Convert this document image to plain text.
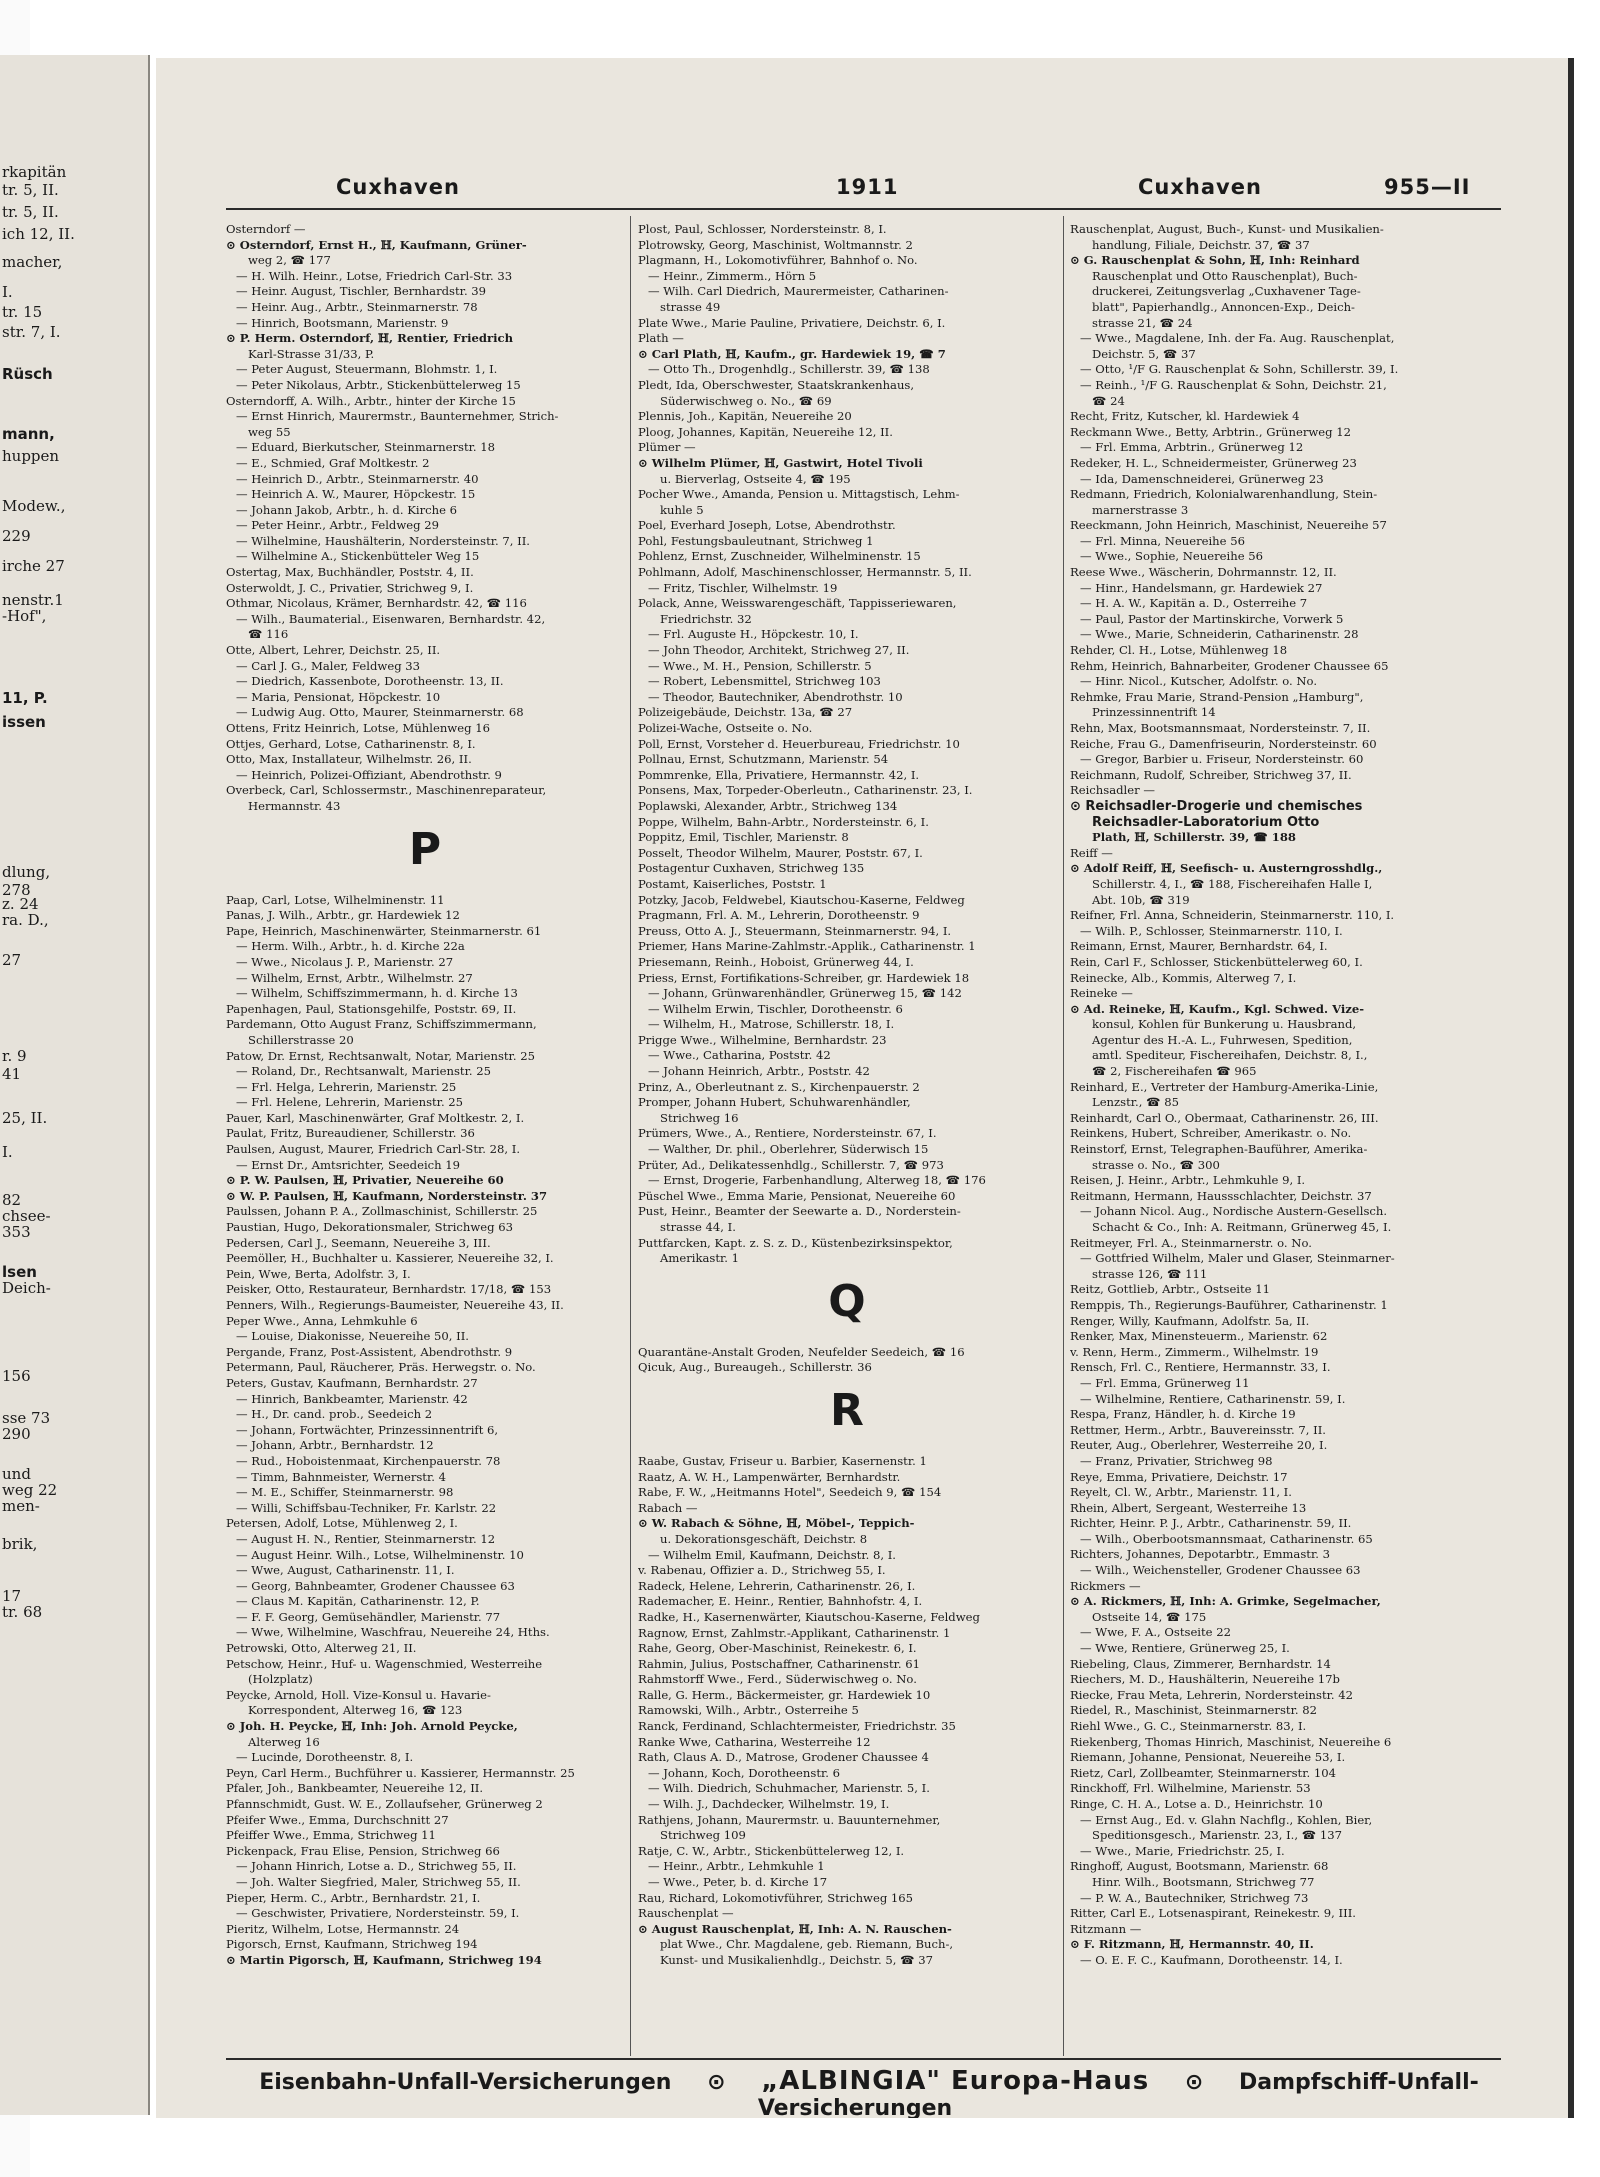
rkapitän
tr. 5, II.
tr. 5, II.
ich 12, II.
macher,
I.
tr. 15
str. 7, I.
Rüsch
mann,
huppen
Modew.,
229
irche 27
nenstr.1
-Hof",
11, P.
issen
dlung,
278
z. 24
ra. D.,
27
r. 9
41
25, II.
I.
82
chsee-
353
lsen
Deich-
156
sse 73
290
und
weg 22
men-
brik,
17
tr. 68
Cuxhaven	1911	Cuxhaven	955—II
Osterndorf —
⊙ Osterndorf, Ernst H., ℍ, Kaufmann, Grüner-
weg 2, ☎ 177
— H. Wilh. Heinr., Lotse, Friedrich Carl-Str. 33
— Heinr. August, Tischler, Bernhardstr. 39
— Heinr. Aug., Arbtr., Steinmarnerstr. 78
— Hinrich, Bootsmann, Marienstr. 9
⊙ P. Herm. Osterndorf, ℍ, Rentier, Friedrich
Karl-Strasse 31/33, P.
— Peter August, Steuermann, Blohmstr. 1, I.
— Peter Nikolaus, Arbtr., Stickenbüttelerweg 15
Osterndorff, A. Wilh., Arbtr., hinter der Kirche 15
— Ernst Hinrich, Maurermstr., Baunternehmer, Strich-
weg 55
— Eduard, Bierkutscher, Steinmarnerstr. 18
— E., Schmied, Graf Moltkestr. 2
— Heinrich D., Arbtr., Steinmarnerstr. 40
— Heinrich A. W., Maurer, Höpckestr. 15
— Johann Jakob, Arbtr., h. d. Kirche 6
— Peter Heinr., Arbtr., Feldweg 29
— Wilhelmine, Haushälterin, Nordersteinstr. 7, II.
— Wilhelmine A., Stickenbütteler Weg 15
Ostertag, Max, Buchhändler, Poststr. 4, II.
Osterwoldt, J. C., Privatier, Strichweg 9, I.
Othmar, Nicolaus, Krämer, Bernhardstr. 42, ☎ 116
— Wilh., Baumaterial., Eisenwaren, Bernhardstr. 42,
☎ 116
Otte, Albert, Lehrer, Deichstr. 25, II.
— Carl J. G., Maler, Feldweg 33
— Diedrich, Kassenbote, Dorotheenstr. 13, II.
— Maria, Pensionat, Höpckestr. 10
— Ludwig Aug. Otto, Maurer, Steinmarnerstr. 68
Ottens, Fritz Heinrich, Lotse, Mühlenweg 16
Ottjes, Gerhard, Lotse, Catharinenstr. 8, I.
Otto, Max, Installateur, Wilhelmstr. 26, II.
— Heinrich, Polizei-Offiziant, Abendrothstr. 9
Overbeck, Carl, Schlossermstr., Maschinenreparateur,
Hermannstr. 43
P
Paap, Carl, Lotse, Wilhelminenstr. 11
Panas, J. Wilh., Arbtr., gr. Hardewiek 12
Pape, Heinrich, Maschinenwärter, Steinmarnerstr. 61
— Herm. Wilh., Arbtr., h. d. Kirche 22a
— Wwe., Nicolaus J. P., Marienstr. 27
— Wilhelm, Ernst, Arbtr., Wilhelmstr. 27
— Wilhelm, Schiffszimmermann, h. d. Kirche 13
Papenhagen, Paul, Stationsgehilfe, Poststr. 69, II.
Pardemann, Otto August Franz, Schiffszimmermann,
Schillerstrasse 20
Patow, Dr. Ernst, Rechtsanwalt, Notar, Marienstr. 25
— Roland, Dr., Rechtsanwalt, Marienstr. 25
— Frl. Helga, Lehrerin, Marienstr. 25
— Frl. Helene, Lehrerin, Marienstr. 25
Pauer, Karl, Maschinenwärter, Graf Moltkestr. 2, I.
Paulat, Fritz, Bureaudiener, Schillerstr. 36
Paulsen, August, Maurer, Friedrich Carl-Str. 28, I.
— Ernst Dr., Amtsrichter, Seedeich 19
⊙ P. W. Paulsen, ℍ, Privatier, Neuereihe 60
⊙ W. P. Paulsen, ℍ, Kaufmann, Nordersteinstr. 37
Paulssen, Johann P. A., Zollmaschinist, Schillerstr. 25
Paustian, Hugo, Dekorationsmaler, Strichweg 63
Pedersen, Carl J., Seemann, Neuereihe 3, III.
Peemöller, H., Buchhalter u. Kassierer, Neuereihe 32, I.
Pein, Wwe, Berta, Adolfstr. 3, I.
Peisker, Otto, Restaurateur, Bernhardstr. 17/18, ☎ 153
Penners, Wilh., Regierungs-Baumeister, Neuereihe 43, II.
Peper Wwe., Anna, Lehmkuhle 6
— Louise, Diakonisse, Neuereihe 50, II.
Pergande, Franz, Post-Assistent, Abendrothstr. 9
Petermann, Paul, Räucherer, Präs. Herwegstr. o. No.
Peters, Gustav, Kaufmann, Bernhardstr. 27
— Hinrich, Bankbeamter, Marienstr. 42
— H., Dr. cand. prob., Seedeich 2
— Johann, Fortwächter, Prinzessinnentrift 6,
— Johann, Arbtr., Bernhardstr. 12
— Rud., Hoboistenmaat, Kirchenpauerstr. 78
— Timm, Bahnmeister, Wernerstr. 4
— M. E., Schiffer, Steinmarnerstr. 98
— Willi, Schiffsbau-Techniker, Fr. Karlstr. 22
Petersen, Adolf, Lotse, Mühlenweg 2, I.
— August H. N., Rentier, Steinmarnerstr. 12
— August Heinr. Wilh., Lotse, Wilhelminenstr. 10
— Wwe, August, Catharinenstr. 11, I.
— Georg, Bahnbeamter, Grodener Chaussee 63
— Claus M. Kapitän, Catharinenstr. 12, P.
— F. F. Georg, Gemüsehändler, Marienstr. 77
— Wwe, Wilhelmine, Waschfrau, Neuereihe 24, Hths.
Petrowski, Otto, Alterweg 21, II.
Petschow, Heinr., Huf- u. Wagenschmied, Westerreihe
(Holzplatz)
Peycke, Arnold, Holl. Vize-Konsul u. Havarie-
Korrespondent, Alterweg 16, ☎ 123
⊙ Joh. H. Peycke, ℍ, Inh: Joh. Arnold Peycke,
Alterweg 16
— Lucinde, Dorotheenstr. 8, I.
Peyn, Carl Herm., Buchführer u. Kassierer, Hermannstr. 25
Pfaler, Joh., Bankbeamter, Neuereihe 12, II.
Pfannschmidt, Gust. W. E., Zollaufseher, Grünerweg 2
Pfeifer Wwe., Emma, Durchschnitt 27
Pfeiffer Wwe., Emma, Strichweg 11
Pickenpack, Frau Elise, Pension, Strichweg 66
— Johann Hinrich, Lotse a. D., Strichweg 55, II.
— Joh. Walter Siegfried, Maler, Strichweg 55, II.
Pieper, Herm. C., Arbtr., Bernhardstr. 21, I.
— Geschwister, Privatiere, Nordersteinstr. 59, I.
Pieritz, Wilhelm, Lotse, Hermannstr. 24
Pigorsch, Ernst, Kaufmann, Strichweg 194
⊙ Martin Pigorsch, ℍ, Kaufmann, Strichweg 194
Plost, Paul, Schlosser, Nordersteinstr. 8, I.
Plotrowsky, Georg, Maschinist, Woltmannstr. 2
Plagmann, H., Lokomotivführer, Bahnhof o. No.
— Heinr., Zimmerm., Hörn 5
— Wilh. Carl Diedrich, Maurermeister, Catharinen-
strasse 49
Plate Wwe., Marie Pauline, Privatiere, Deichstr. 6, I.
Plath —
⊙ Carl Plath, ℍ, Kaufm., gr. Hardewiek 19, ☎ 7
— Otto Th., Drogenhdlg., Schillerstr. 39, ☎ 138
Pledt, Ida, Oberschwester, Staatskrankenhaus,
Süderwischweg o. No., ☎ 69
Plennis, Joh., Kapitän, Neuereihe 20
Ploog, Johannes, Kapitän, Neuereihe 12, II.
Plümer —
⊙ Wilhelm Plümer, ℍ, Gastwirt, Hotel Tivoli
u. Bierverlag, Ostseite 4, ☎ 195
Pocher Wwe., Amanda, Pension u. Mittagstisch, Lehm-
kuhle 5
Poel, Everhard Joseph, Lotse, Abendrothstr.
Pohl, Festungsbauleutnant, Strichweg 1
Pohlenz, Ernst, Zuschneider, Wilhelminenstr. 15
Pohlmann, Adolf, Maschinenschlosser, Hermannstr. 5, II.
— Fritz, Tischler, Wilhelmstr. 19
Polack, Anne, Weisswarengeschäft, Tappisseriewaren,
Friedrichstr. 32
— Frl. Auguste H., Höpckestr. 10, I.
— John Theodor, Architekt, Strichweg 27, II.
— Wwe., M. H., Pension, Schillerstr. 5
— Robert, Lebensmittel, Strichweg 103
— Theodor, Bautechniker, Abendrothstr. 10
Polizeigebäude, Deichstr. 13a, ☎ 27
Polizei-Wache, Ostseite o. No.
Poll, Ernst, Vorsteher d. Heuerbureau, Friedrichstr. 10
Pollnau, Ernst, Schutzmann, Marienstr. 54
Pommrenke, Ella, Privatiere, Hermannstr. 42, I.
Ponsens, Max, Torpeder-Oberleutn., Catharinenstr. 23, I.
Poplawski, Alexander, Arbtr., Strichweg 134
Poppe, Wilhelm, Bahn-Arbtr., Nordersteinstr. 6, I.
Poppitz, Emil, Tischler, Marienstr. 8
Posselt, Theodor Wilhelm, Maurer, Poststr. 67, I.
Postagentur Cuxhaven, Strichweg 135
Postamt, Kaiserliches, Poststr. 1
Potzky, Jacob, Feldwebel, Kiautschou-Kaserne, Feldweg
Pragmann, Frl. A. M., Lehrerin, Dorotheenstr. 9
Preuss, Otto A. J., Steuermann, Steinmarnerstr. 94, I.
Priemer, Hans Marine-Zahlmstr.-Applik., Catharinenstr. 1
Priesemann, Reinh., Hoboist, Grünerweg 44, I.
Priess, Ernst, Fortifikations-Schreiber, gr. Hardewiek 18
— Johann, Grünwarenhändler, Grünerweg 15, ☎ 142
— Wilhelm Erwin, Tischler, Dorotheenstr. 6
— Wilhelm, H., Matrose, Schillerstr. 18, I.
Prigge Wwe., Wilhelmine, Bernhardstr. 23
— Wwe., Catharina, Poststr. 42
— Johann Heinrich, Arbtr., Poststr. 42
Prinz, A., Oberleutnant z. S., Kirchenpauerstr. 2
Promper, Johann Hubert, Schuhwarenhändler,
Strichweg 16
Prümers, Wwe., A., Rentiere, Nordersteinstr. 67, I.
— Walther, Dr. phil., Oberlehrer, Süderwisch 15
Prüter, Ad., Delikatessenhdlg., Schillerstr. 7, ☎ 973
— Ernst, Drogerie, Farbenhandlung, Alterweg 18, ☎ 176
Püschel Wwe., Emma Marie, Pensionat, Neuereihe 60
Pust, Heinr., Beamter der Seewarte a. D., Norderstein-
strasse 44, I.
Puttfarcken, Kapt. z. S. z. D., Küstenbezirksinspektor,
Amerikastr. 1
Q
Quarantäne-Anstalt Groden, Neufelder Seedeich, ☎ 16
Qicuk, Aug., Bureaugeh., Schillerstr. 36
R
Raabe, Gustav, Friseur u. Barbier, Kasernenstr. 1
Raatz, A. W. H., Lampenwärter, Bernhardstr.
Rabe, F. W., „Heitmanns Hotel", Seedeich 9, ☎ 154
Rabach —
⊙ W. Rabach & Söhne, ℍ, Möbel-, Teppich-
u. Dekorationsgeschäft, Deichstr. 8
— Wilhelm Emil, Kaufmann, Deichstr. 8, I.
v. Rabenau, Offizier a. D., Strichweg 55, I.
Radeck, Helene, Lehrerin, Catharinenstr. 26, I.
Rademacher, E. Heinr., Rentier, Bahnhofstr. 4, I.
Radke, H., Kasernenwärter, Kiautschou-Kaserne, Feldweg
Ragnow, Ernst, Zahlmstr.-Applikant, Catharinenstr. 1
Rahe, Georg, Ober-Maschinist, Reinekestr. 6, I.
Rahmin, Julius, Postschaffner, Catharinenstr. 61
Rahmstorff Wwe., Ferd., Süderwischweg o. No.
Ralle, G. Herm., Bäckermeister, gr. Hardewiek 10
Ramowski, Wilh., Arbtr., Osterreihe 5
Ranck, Ferdinand, Schlachtermeister, Friedrichstr. 35
Ranke Wwe, Catharina, Westerreihe 12
Rath, Claus A. D., Matrose, Grodener Chaussee 4
— Johann, Koch, Dorotheenstr. 6
— Wilh. Diedrich, Schuhmacher, Marienstr. 5, I.
— Wilh. J., Dachdecker, Wilhelmstr. 19, I.
Rathjens, Johann, Maurermstr. u. Bauunternehmer,
Strichweg 109
Ratje, C. W., Arbtr., Stickenbüttelerweg 12, I.
— Heinr., Arbtr., Lehmkuhle 1
— Wwe., Peter, b. d. Kirche 17
Rau, Richard, Lokomotivführer, Strichweg 165
Rauschenplat —
⊙ August Rauschenplat, ℍ, Inh: A. N. Rauschen-
plat Wwe., Chr. Magdalene, geb. Riemann, Buch-,
Kunst- und Musikalienhdlg., Deichstr. 5, ☎ 37
Rauschenplat, August, Buch-, Kunst- und Musikalien-
handlung, Filiale, Deichstr. 37, ☎ 37
⊙ G. Rauschenplat & Sohn, ℍ, Inh: Reinhard
Rauschenplat und Otto Rauschenplat), Buch-
druckerei, Zeitungsverlag „Cuxhavener Tage-
blatt", Papierhandlg., Annoncen-Exp., Deich-
strasse 21, ☎ 24
— Wwe., Magdalene, Inh. der Fa. Aug. Rauschenplat,
Deichstr. 5, ☎ 37
— Otto, ¹/F G. Rauschenplat & Sohn, Schillerstr. 39, I.
— Reinh., ¹/F G. Rauschenplat & Sohn, Deichstr. 21,
☎ 24
Recht, Fritz, Kutscher, kl. Hardewiek 4
Reckmann Wwe., Betty, Arbtrin., Grünerweg 12
— Frl. Emma, Arbtrin., Grünerweg 12
Redeker, H. L., Schneidermeister, Grünerweg 23
— Ida, Damenschneiderei, Grünerweg 23
Redmann, Friedrich, Kolonialwarenhandlung, Stein-
marnerstrasse 3
Reeckmann, John Heinrich, Maschinist, Neuereihe 57
— Frl. Minna, Neuereihe 56
— Wwe., Sophie, Neuereihe 56
Reese Wwe., Wäscherin, Dohrmannstr. 12, II.
— Hinr., Handelsmann, gr. Hardewiek 27
— H. A. W., Kapitän a. D., Osterreihe 7
— Paul, Pastor der Martinskirche, Vorwerk 5
— Wwe., Marie, Schneiderin, Catharinenstr. 28
Rehder, Cl. H., Lotse, Mühlenweg 18
Rehm, Heinrich, Bahnarbeiter, Grodener Chaussee 65
— Hinr. Nicol., Kutscher, Adolfstr. o. No.
Rehmke, Frau Marie, Strand-Pension „Hamburg",
Prinzessinnentrift 14
Rehn, Max, Bootsmannsmaat, Nordersteinstr. 7, II.
Reiche, Frau G., Damenfriseurin, Nordersteinstr. 60
— Gregor, Barbier u. Friseur, Nordersteinstr. 60
Reichmann, Rudolf, Schreiber, Strichweg 37, II.
Reichsadler —
⊙ Reichsadler-Drogerie und chemisches
Reichsadler-Laboratorium Otto
Plath, ℍ, Schillerstr. 39, ☎ 188
Reiff —
⊙ Adolf Reiff, ℍ, Seefisch- u. Austerngrosshdlg.,
Schillerstr. 4, I., ☎ 188, Fischereihafen Halle I,
Abt. 10b, ☎ 319
Reifner, Frl. Anna, Schneiderin, Steinmarnerstr. 110, I.
— Wilh. P., Schlosser, Steinmarnerstr. 110, I.
Reimann, Ernst, Maurer, Bernhardstr. 64, I.
Rein, Carl F., Schlosser, Stickenbüttelerweg 60, I.
Reinecke, Alb., Kommis, Alterweg 7, I.
Reineke —
⊙ Ad. Reineke, ℍ, Kaufm., Kgl. Schwed. Vize-
konsul, Kohlen für Bunkerung u. Hausbrand,
Agentur des H.-A. L., Fuhrwesen, Spedition,
amtl. Spediteur, Fischereihafen, Deichstr. 8, I.,
☎ 2, Fischereihafen ☎ 965
Reinhard, E., Vertreter der Hamburg-Amerika-Linie,
Lenzstr., ☎ 85
Reinhardt, Carl O., Obermaat, Catharinenstr. 26, III.
Reinkens, Hubert, Schreiber, Amerikastr. o. No.
Reinstorf, Ernst, Telegraphen-Bauführer, Amerika-
strasse o. No., ☎ 300
Reisen, J. Heinr., Arbtr., Lehmkuhle 9, I.
Reitmann, Hermann, Haussschlachter, Deichstr. 37
— Johann Nicol. Aug., Nordische Austern-Gesellsch.
Schacht & Co., Inh: A. Reitmann, Grünerweg 45, I.
Reitmeyer, Frl. A., Steinmarnerstr. o. No.
— Gottfried Wilhelm, Maler und Glaser, Steinmarner-
strasse 126, ☎ 111
Reitz, Gottlieb, Arbtr., Ostseite 11
Remppis, Th., Regierungs-Bauführer, Catharinenstr. 1
Renger, Willy, Kaufmann, Adolfstr. 5a, II.
Renker, Max, Minensteuerm., Marienstr. 62
v. Renn, Herm., Zimmerm., Wilhelmstr. 19
Rensch, Frl. C., Rentiere, Hermannstr. 33, I.
— Frl. Emma, Grünerweg 11
— Wilhelmine, Rentiere, Catharinenstr. 59, I.
Respa, Franz, Händler, h. d. Kirche 19
Rettmer, Herm., Arbtr., Bauvereinsstr. 7, II.
Reuter, Aug., Oberlehrer, Westerreihe 20, I.
— Franz, Privatier, Strichweg 98
Reye, Emma, Privatiere, Deichstr. 17
Reyelt, Cl. W., Arbtr., Marienstr. 11, I.
Rhein, Albert, Sergeant, Westerreihe 13
Richter, Heinr. P. J., Arbtr., Catharinenstr. 59, II.
— Wilh., Oberbootsmannsmaat, Catharinenstr. 65
Richters, Johannes, Depotarbtr., Emmastr. 3
— Wilh., Weichensteller, Grodener Chaussee 63
Rickmers —
⊙ A. Rickmers, ℍ, Inh: A. Grimke, Segelmacher,
Ostseite 14, ☎ 175
— Wwe, F. A., Ostseite 22
— Wwe, Rentiere, Grünerweg 25, I.
Riebeling, Claus, Zimmerer, Bernhardstr. 14
Riechers, M. D., Haushälterin, Neuereihe 17b
Riecke, Frau Meta, Lehrerin, Nordersteinstr. 42
Riedel, R., Maschinist, Steinmarnerstr. 82
Riehl Wwe., G. C., Steinmarnerstr. 83, I.
Riekenberg, Thomas Hinrich, Maschinist, Neuereihe 6
Riemann, Johanne, Pensionat, Neuereihe 53, I.
Rietz, Carl, Zollbeamter, Steinmarnerstr. 104
Rinckhoff, Frl. Wilhelmine, Marienstr. 53
Ringe, C. H. A., Lotse a. D., Heinrichstr. 10
— Ernst Aug., Ed. v. Glahn Nachflg., Kohlen, Bier,
Speditionsgesch., Marienstr. 23, I., ☎ 137
— Wwe., Marie, Friedrichstr. 25, I.
Ringhoff, August, Bootsmann, Marienstr. 68
Hinr. Wilh., Bootsmann, Strichweg 77
— P. W. A., Bautechniker, Strichweg 73
Ritter, Carl E., Lotsenaspirant, Reinekestr. 9, III.
Ritzmann —
⊙ F. Ritzmann, ℍ, Hermannstr. 40, II.
— O. E. F. C., Kaufmann, Dorotheenstr. 14, I.
Eisenbahn-Unfall-Versicherungen ⊙ „ALBINGIA" Europa-Haus ⊙ Dampfschiff-Unfall-Versicherungen
